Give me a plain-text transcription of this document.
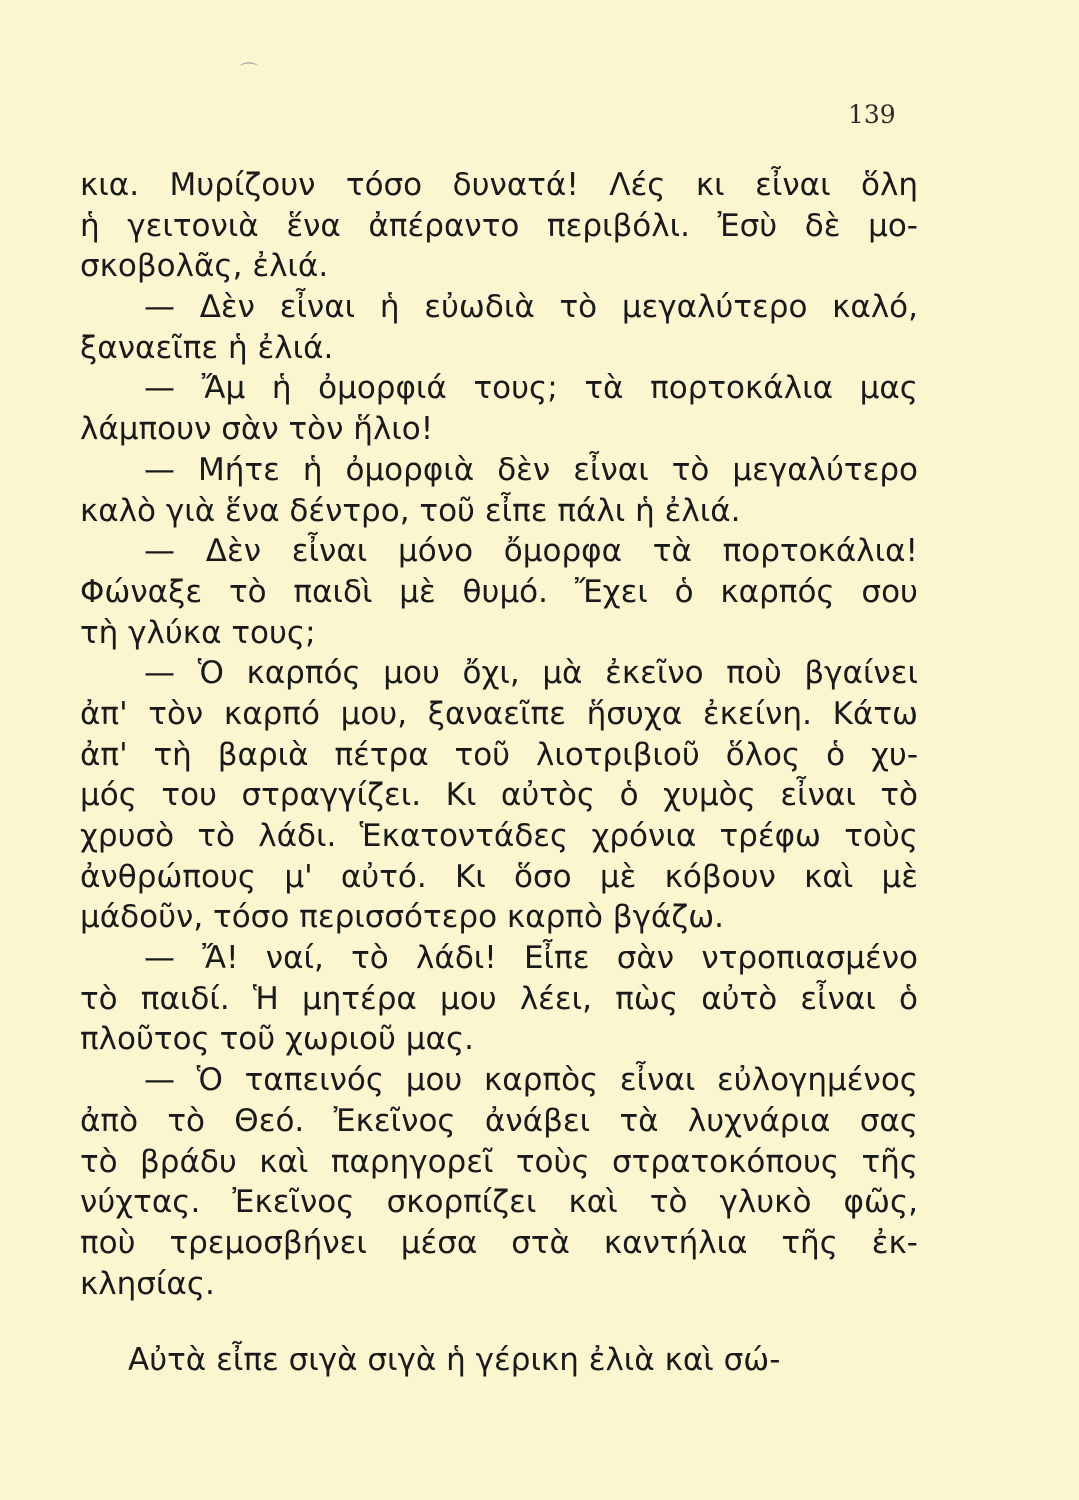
⌒
139
κια. Μυρίζουν τόσο δυνατά! Λές κι εἶναι ὅλη
ἡ γειτονιὰ ἕνα ἀπέραντο περιβόλι. Ἐσὺ δὲ μο-
σκοβολᾶς, ἐλιά.
— Δὲν εἶναι ἡ εὐωδιὰ τὸ μεγαλύτερο καλό,
ξαναεῖπε ἡ ἐλιά.
— Ἄμ ἡ ὀμορφιά τους; τὰ πορτοκάλια μας
λάμπουν σὰν τὸν ἥλιο!
— Μήτε ἡ ὀμορφιὰ δὲν εἶναι τὸ μεγαλύτερο
καλὸ γιὰ ἕνα δέντρο, τοῦ εἶπε πάλι ἡ ἐλιά.
— Δὲν εἶναι μόνο ὄμορφα τὰ πορτοκάλια!
Φώναξε τὸ παιδὶ μὲ θυμό. Ἔχει ὁ καρπός σου
τὴ γλύκα τους;
— Ὁ καρπός μου ὄχι, μὰ ἐκεῖνο ποὺ βγαίνει
ἀπ' τὸν καρπό μου, ξαναεῖπε ἥσυχα ἐκείνη. Κάτω
ἀπ' τὴ βαριὰ πέτρα τοῦ λιοτριβιοῦ ὅλος ὁ χυ-
μός του στραγγίζει. Κι αὐτὸς ὁ χυμὸς εἶναι τὸ
χρυσὸ τὸ λάδι. Ἑκατοντάδες χρόνια τρέφω τοὺς
ἀνθρώπους μ' αὐτό. Κι ὅσο μὲ κόβουν καὶ μὲ
μάδοῦν, τόσο περισσότερο καρπὸ βγάζω.
— Ἄ! ναί, τὸ λάδι! Εἶπε σὰν ντροπιασμένο
τὸ παιδί. Ἡ μητέρα μου λέει, πὼς αὐτὸ εἶναι ὁ
πλοῦτος τοῦ χωριοῦ μας.
— Ὁ ταπεινός μου καρπὸς εἶναι εὐλογημένος
ἀπὸ τὸ Θεό. Ἐκεῖνος ἀνάβει τὰ λυχνάρια σας
τὸ βράδυ καὶ παρηγορεῖ τοὺς στρατοκόπους τῆς
νύχτας. Ἐκεῖνος σκορπίζει καὶ τὸ γλυκὸ φῶς,
ποὺ τρεμοσβήνει μέσα στὰ καντήλια τῆς ἐκ-
κλησίας.
Αὐτὰ εἶπε σιγὰ σιγὰ ἡ γέρικη ἐλιὰ καὶ σώ-
